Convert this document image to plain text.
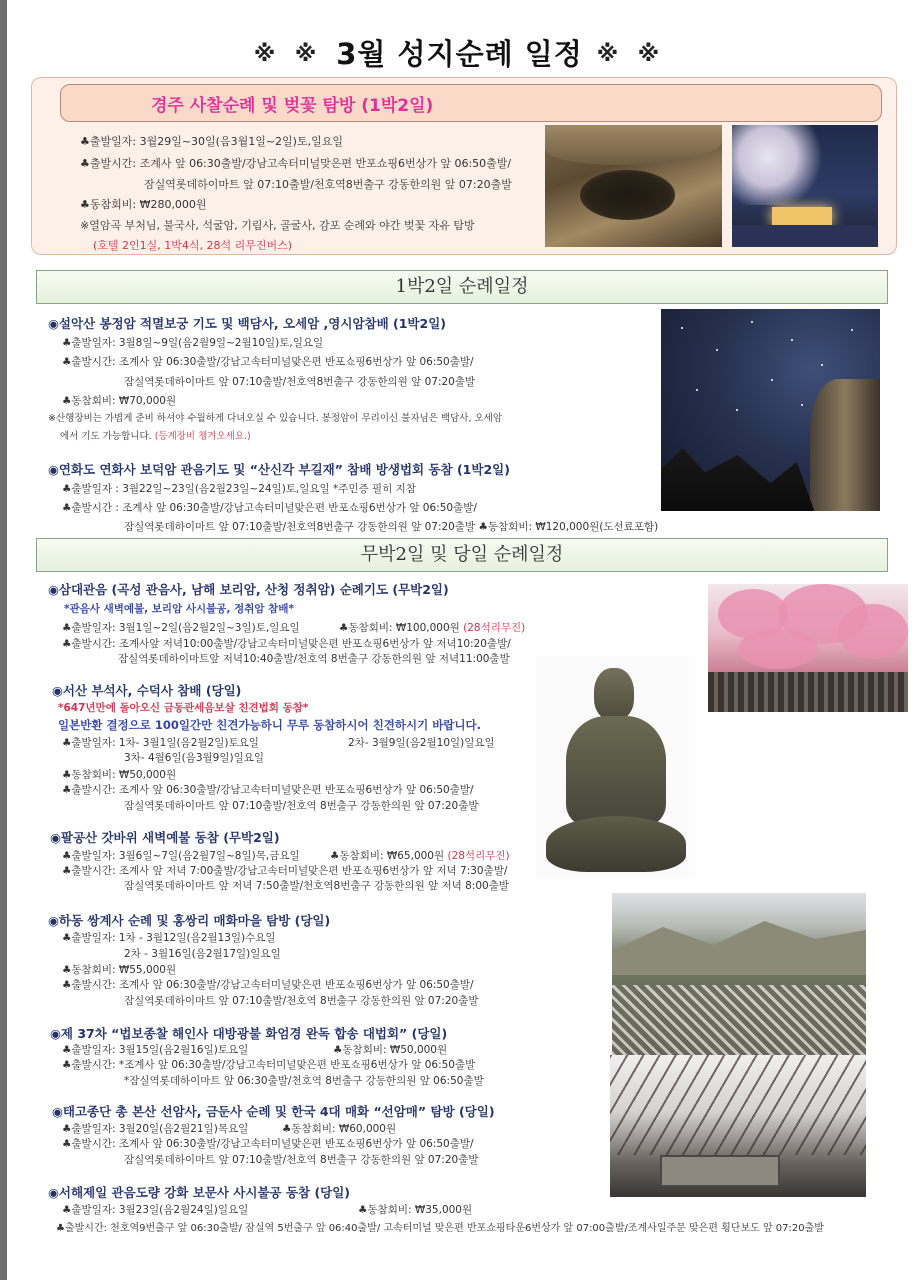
※ ※ 3월 성지순례 일정 ※ ※
경주 사찰순례 및 벚꽃 탐방 (1박2일)
♣출발일자: 3월29일~30일(음3월1일~2일)토,일요일
♣출발시간: 조계사 앞 06:30출발/강남고속터미널맞은편 반포쇼핑6번상가 앞 06:50출발/
잠실역롯데하이마트 앞 07:10출발/천호역8번출구 강동한의원 앞 07:20출발
♣동참회비: ₩280,000원
※열암곡 부처님, 불국사, 석굴암, 기림사, 골굴사, 감포 순례와 야간 벚꽃 자유 탐방
(호텔 2인1실, 1박4식, 28석 리무진버스)
1박2일 순례일정
◉설악산 봉정암 적멸보궁 기도 및 백담사, 오세암 ,영시암참배 (1박2일)
♣출발일자: 3월8일~9일(음2월9일~2월10일)토,일요일
♣출발시간: 조계사 앞 06:30출발/강남고속터미널맞은편 반포쇼핑6번상가 앞 06:50출발/
잠실역롯데하이마트 앞 07:10출발/천호역8번출구 강동한의원 앞 07:20출발
♣동참회비: ₩70,000원
※산행장비는 가볍게 준비 하셔야 수월하게 다녀오실 수 있습니다. 봉정암이 무리이신 불자님은 백담사, 오세암
에서 기도 가능합니다. (등계장비 챙겨오세요.)
◉연화도 연화사 보덕암 관음기도 및 “산신각 부길재” 참배 방생법회 동참 (1박2일)
♣출발일자 : 3월22일~23일(음2월23일~24일)토,일요일 *주민증 필히 지참
♣출발시간 : 조계사 앞 06:30출발/강남고속터미널맞은편 반포쇼핑6번상가 앞 06:50출발/
잠실역롯데하이마트 앞 07:10출발/천호역8번출구 강동한의원 앞 07:20출발 ♣동참회비: ₩120,000원(도선료포함)
무박2일 및 당일 순례일정
◉삼대관음 (곡성 관음사, 남해 보리암, 산청 정취암) 순례기도 (무박2일)
*관음사 새벽예불, 보리암 사시불공, 정취암 참배*
♣출발일자: 3월1일~2일(음2월2일~3일)토,일요일	♣동참회비: ₩100,000원 (28석리무진)
♣출발시간: 조계사앞 저녁10:00출발/강남고속터미널맞은편 반포쇼핑6번상가 앞 저녁10:20출발/
잠실역롯데하이마트앞 저녁10:40출발/천호역 8번출구 강동한의원 앞 저녁11:00출발
◉서산 부석사, 수덕사 참배 (당일)
*647년만에 돌아오신 금동관세음보살 친견법회 동참*
일본반환 결정으로 100일간만 친견가능하니 무루 동참하시어 친견하시기 바랍니다.
♣출발일자: 1차- 3월1일(음2월2일)토요일	2차- 3월9일(음2월10일)일요일
3차- 4월6일(음3월9일)일요일
♣동참회비: ₩50,000원
♣출발시간: 조계사 앞 06:30출발/강남고속터미널맞은편 반포쇼핑6번상가 앞 06:50출발/
잠실역롯데하이마트 앞 07:10출발/천호역 8번출구 강동한의원 앞 07:20출발
◉팔공산 갓바위 새벽예불 동참 (무박2일)
♣출발일자: 3월6일~7일(음2월7일~8일)목,금요일	♣동참회비: ₩65,000원 (28석리무진)
♣출발시간: 조계사 앞 저녁 7:00출발/강남고속터미널맞은편 반포쇼핑6번상가 앞 저녁 7:30출발/
잠실역롯데하이마트 앞 저녁 7:50출발/천호역8번출구 강동한의원 앞 저녁 8:00출발
◉하동 쌍계사 순례 및 홍쌍리 매화마을 탐방 (당일)
♣출발일자: 1차 - 3월12일(음2월13일)수요일
2차 - 3월16일(음2월17일)일요일
♣동참회비: ₩55,000원
♣출발시간: 조계사 앞 06:30출발/강남고속터미널맞은편 반포쇼핑6번상가 앞 06:50출발/
잠실역롯데하이마트 앞 07:10출발/천호역 8번출구 강동한의원 앞 07:20출발
◉제 37차 “법보종찰 해인사 대방광불 화엄경 완독 합송 대법회” (당일)
♣출발일자: 3월15일(음2월16일)토요일	♣동참회비: ₩50,000원
♣출발시간: *조계사 앞 06:30출발/강남고속터미널맞은편 반포쇼핑6번상가 앞 06:50출발
*잠실역롯데하이마트 앞 06:30출발/천호역 8번출구 강동한의원 앞 06:50출발
◉태고종단 총 본산 선암사, 금둔사 순례 및 한국 4대 매화 “선암매” 탐방 (당일)
♣출발일자: 3월20일(음2월21일)목요일	♣동참회비: ₩60,000원
♣출발시간: 조계사 앞 06:30출발/강남고속터미널맞은편 반포쇼핑6번상가 앞 06:50출발/
잠실역롯데하이마트 앞 07:10출발/천호역 8번출구 강동한의원 앞 07:20출발
◉서해제일 관음도량 강화 보문사 사시불공 동참 (당일)
♣출발일자: 3월23일(음2월24일)일요일	♣동참회비: ₩35,000원
♣출발시간: 천호역9번출구 앞 06:30출발/ 잠실역 5번출구 앞 06:40출발/ 고속터미널 맞은편 반포쇼핑타운6번상가 앞 07:00출발/조계사일주문 맞은편 횡단보도 앞 07:20출발
